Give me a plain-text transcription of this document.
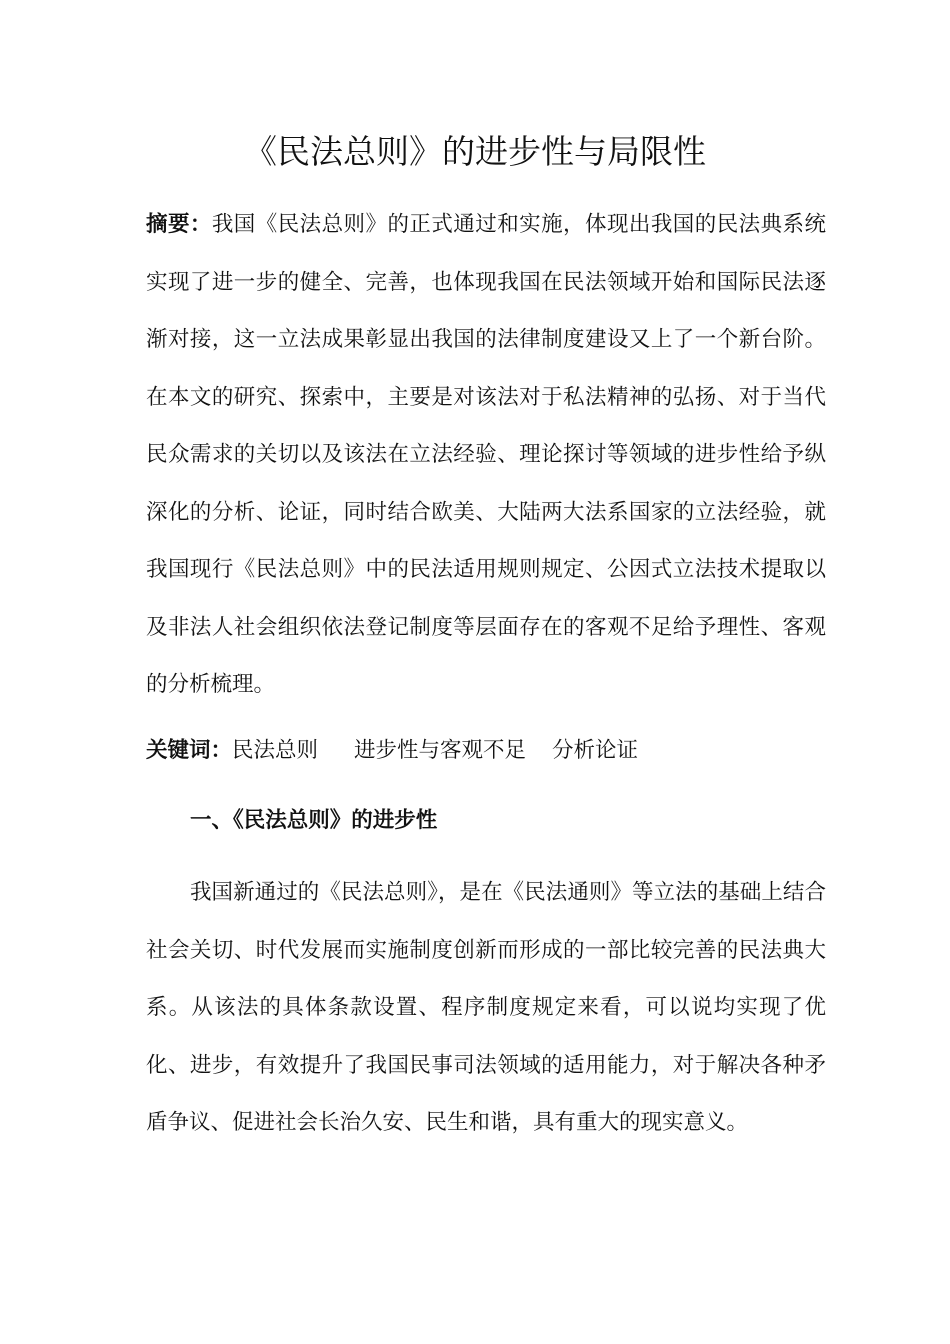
《民法总则》的进步性与局限性

摘要：我国《民法总则》的正式通过和实施，体现出我国的民法典系统实现了进一步的健全、完善，也体现我国在民法领域开始和国际民法逐渐对接，这一立法成果彰显出我国的法律制度建设又上了一个新台阶。在本文的研究、探索中，主要是对该法对于私法精神的弘扬、对于当代民众需求的关切以及该法在立法经验、理论探讨等领域的进步性给予纵深化的分析、论证，同时结合欧美、大陆两大法系国家的立法经验，就我国现行《民法总则》中的民法适用规则规定、公因式立法技术提取以及非法人社会组织依法登记制度等层面存在的客观不足给予理性、客观的分析梳理。

关键词：民法总则 进步性与客观不足 分析论证

一、《民法总则》的进步性

我国新通过的《民法总则》，是在《民法通则》等立法的基础上结合社会关切、时代发展而实施制度创新而形成的一部比较完善的民法典大系。从该法的具体条款设置、程序制度规定来看，可以说均实现了优化、进步，有效提升了我国民事司法领域的适用能力，对于解决各种矛盾争议、促进社会长治久安、民生和谐，具有重大的现实意义。
